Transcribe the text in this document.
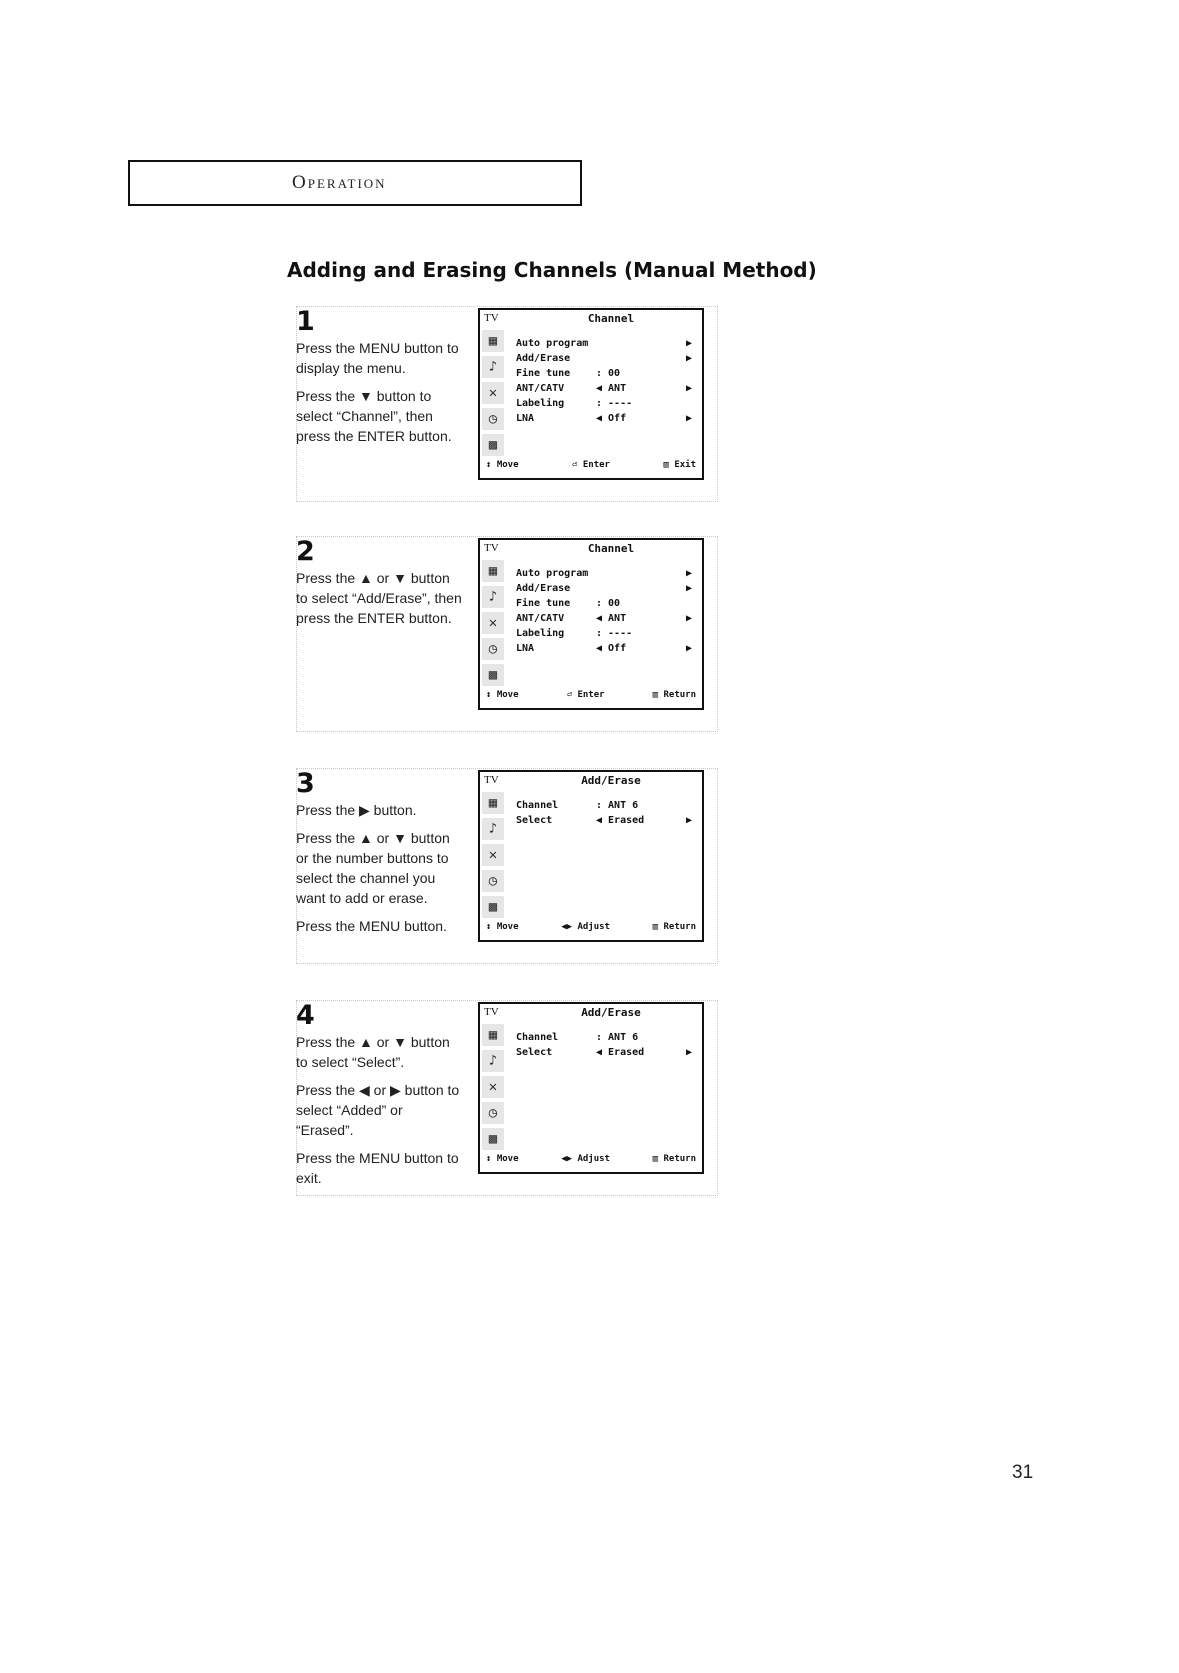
Operation
Adding and Erasing Channels (Manual Method)
1

Press the MENU button to display the menu.

Press the ▼ button to select “Channel”, then press the ENTER button.

TV	Channel
▦
♪
✕
◷
▩
Auto program	▶
Add/Erase	▶
Fine tune	: 00
ANT/CATV	◀ ANT	▶
Labeling	: ----
LNA	◀ Off	▶
↕ Move	⏎ Enter	▥ Exit
2

Press the ▲ or ▼ button to select “Add/Erase”, then press the ENTER button.

TV	Channel
▦
♪
✕
◷
▩
Auto program	▶
Add/Erase	▶
Fine tune	: 00
ANT/CATV	◀ ANT	▶
Labeling	: ----
LNA	◀ Off	▶
↕ Move	⏎ Enter	▥ Return
3

Press the ▶ button.

Press the ▲ or ▼ button or the number buttons to select the channel you want to add or erase.

Press the MENU button.

TV	Add/Erase
▦
♪
✕
◷
▩
Channel	: ANT 6
Select	◀ Erased	▶
↕ Move	◀▶ Adjust	▥ Return
4

Press the ▲ or ▼ button to select “Select”.

Press the ◀ or ▶ button to select “Added” or “Erased”.

Press the MENU button to exit.

TV	Add/Erase
▦
♪
✕
◷
▩
Channel	: ANT 6
Select	◀ Erased	▶
↕ Move	◀▶ Adjust	▥ Return
31
